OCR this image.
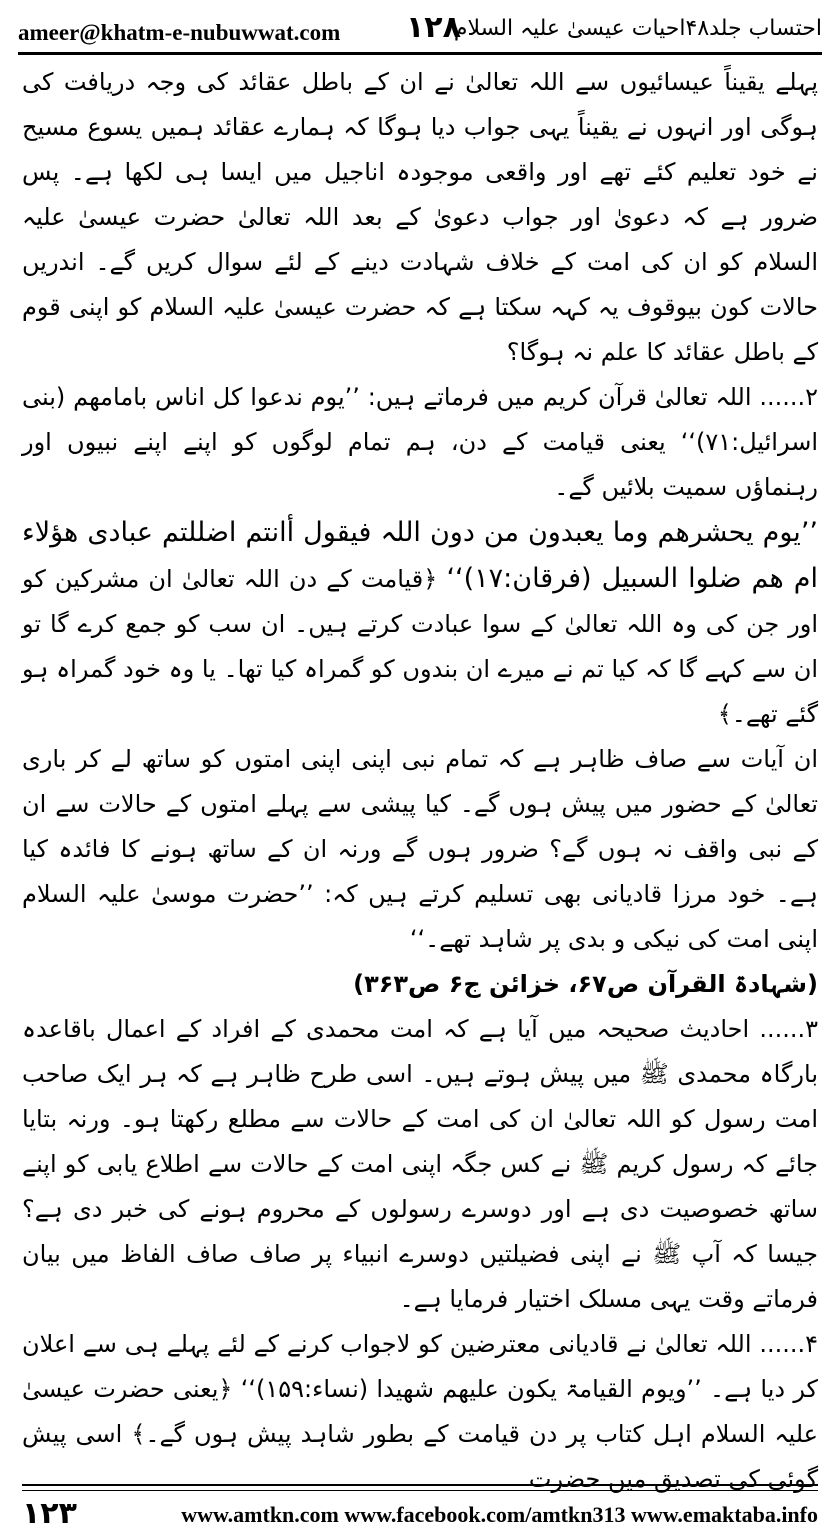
ameer@khatm-e-nubuwwat.com ۱۲۸
احتساب جلد۴۸احیات عیسیٰ علیہ السلام

پہلے یقیناً عیسائیوں سے اللہ تعالیٰ نے ان کے باطل عقائد کی وجہ دریافت کی ہوگی اور انہوں نے یقیناً یہی جواب دیا ہوگا کہ ہمارے عقائد ہمیں یسوع مسیح نے خود تعلیم کئے تھے اور واقعی موجودہ اناجیل میں ایسا ہی لکھا ہے۔ پس ضرور ہے کہ دعویٰ اور جواب دعویٰ کے بعد اللہ تعالیٰ حضرت عیسیٰ علیہ السلام کو ان کی امت کے خلاف شہادت دینے کے لئے سوال کریں گے۔ اندریں حالات کون بیوقوف یہ کہہ سکتا ہے کہ حضرت عیسیٰ علیہ السلام کو اپنی قوم کے باطل عقائد کا علم نہ ہوگا؟

۲...... اللہ تعالیٰ قرآن کریم میں فرماتے ہیں: ’’یوم ندعوا کل اناس بامامھم (بنی اسرائیل:۷۱)‘‘ یعنی قیامت کے دن، ہم تمام لوگوں کو اپنے اپنے نبیوں اور رہنماؤں سمیت بلائیں گے۔

’’یوم یحشرھم وما یعبدون من دون اللہ فیقول أانتم اضللتم عبادی ھؤلاء ام ھم ضلوا السبیل (فرقان:۱۷)‘‘ ﴿قیامت کے دن اللہ تعالیٰ ان مشرکین کو اور جن کی وہ اللہ تعالیٰ کے سوا عبادت کرتے ہیں۔ ان سب کو جمع کرے گا تو ان سے کہے گا کہ کیا تم نے میرے ان بندوں کو گمراہ کیا تھا۔ یا وہ خود گمراہ ہو گئے تھے۔﴾

ان آیات سے صاف ظاہر ہے کہ تمام نبی اپنی اپنی امتوں کو ساتھ لے کر باری تعالیٰ کے حضور میں پیش ہوں گے۔ کیا پیشی سے پہلے امتوں کے حالات سے ان کے نبی واقف نہ ہوں گے؟ ضرور ہوں گے ورنہ ان کے ساتھ ہونے کا فائدہ کیا ہے۔ خود مرزا قادیانی بھی تسلیم کرتے ہیں کہ: ’’حضرت موسیٰ علیہ السلام اپنی امت کی نیکی و بدی پر شاہد تھے۔‘‘

(شہادۃ القرآن ص۶۷، خزائن ج۶ ص۳۶۳)

۳...... احادیث صحیحہ میں آیا ہے کہ امت محمدی کے افراد کے اعمال باقاعدہ بارگاہ محمدی ﷺ میں پیش ہوتے ہیں۔ اسی طرح ظاہر ہے کہ ہر ایک صاحب امت رسول کو اللہ تعالیٰ ان کی امت کے حالات سے مطلع رکھتا ہو۔ ورنہ بتایا جائے کہ رسول کریم ﷺ نے کس جگہ اپنی امت کے حالات سے اطلاع یابی کو اپنے ساتھ خصوصیت دی ہے اور دوسرے رسولوں کے محروم ہونے کی خبر دی ہے؟ جیسا کہ آپ ﷺ نے اپنی فضیلتیں دوسرے انبیاء پر صاف صاف الفاظ میں بیان فرماتے وقت یہی مسلک اختیار فرمایا ہے۔

۴...... اللہ تعالیٰ نے قادیانی معترضین کو لاجواب کرنے کے لئے پہلے ہی سے اعلان کر دیا ہے۔ ’’ویوم القیامۃ یکون علیھم شھیدا (نساء:۱۵۹)‘‘ ﴿یعنی حضرت عیسیٰ علیہ السلام اہل کتاب پر دن قیامت کے بطور شاہد پیش ہوں گے۔﴾ اسی پیش گوئی کی تصدیق میں حضرت

۱۲۳	www.amtkn.com www.facebook.com/amtkn313 www.emaktaba.info
